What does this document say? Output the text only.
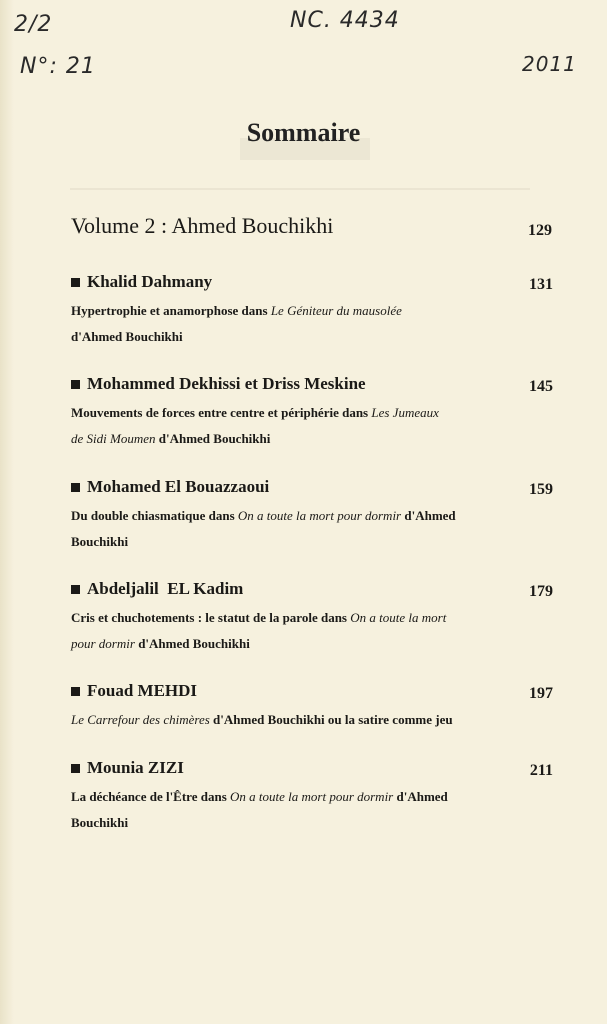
2/2
N°: 21
NC. 4434
2011
Sommaire
Volume 2 : Ahmed Bouchikhi	129
Khalid Dahmany	131
Hypertrophie et anamorphose dans Le Géniteur du mausolée
d'Ahmed Bouchikhi
Mohammed Dekhissi et Driss Meskine	145
Mouvements de forces entre centre et périphérie dans Les Jumeaux
de Sidi Moumen d'Ahmed Bouchikhi
Mohamed El Bouazzaoui	159
Du double chiasmatique dans On a toute la mort pour dormir d'Ahmed
Bouchikhi
Abdeljalil  EL Kadim	179
Cris et chuchotements : le statut de la parole dans On a toute la mort
pour dormir d'Ahmed Bouchikhi
Fouad MEHDI	197
Le Carrefour des chimères d'Ahmed Bouchikhi ou la satire comme jeu
Mounia ZIZI	211
La déchéance de l'Être dans On a toute la mort pour dormir d'Ahmed
Bouchikhi
